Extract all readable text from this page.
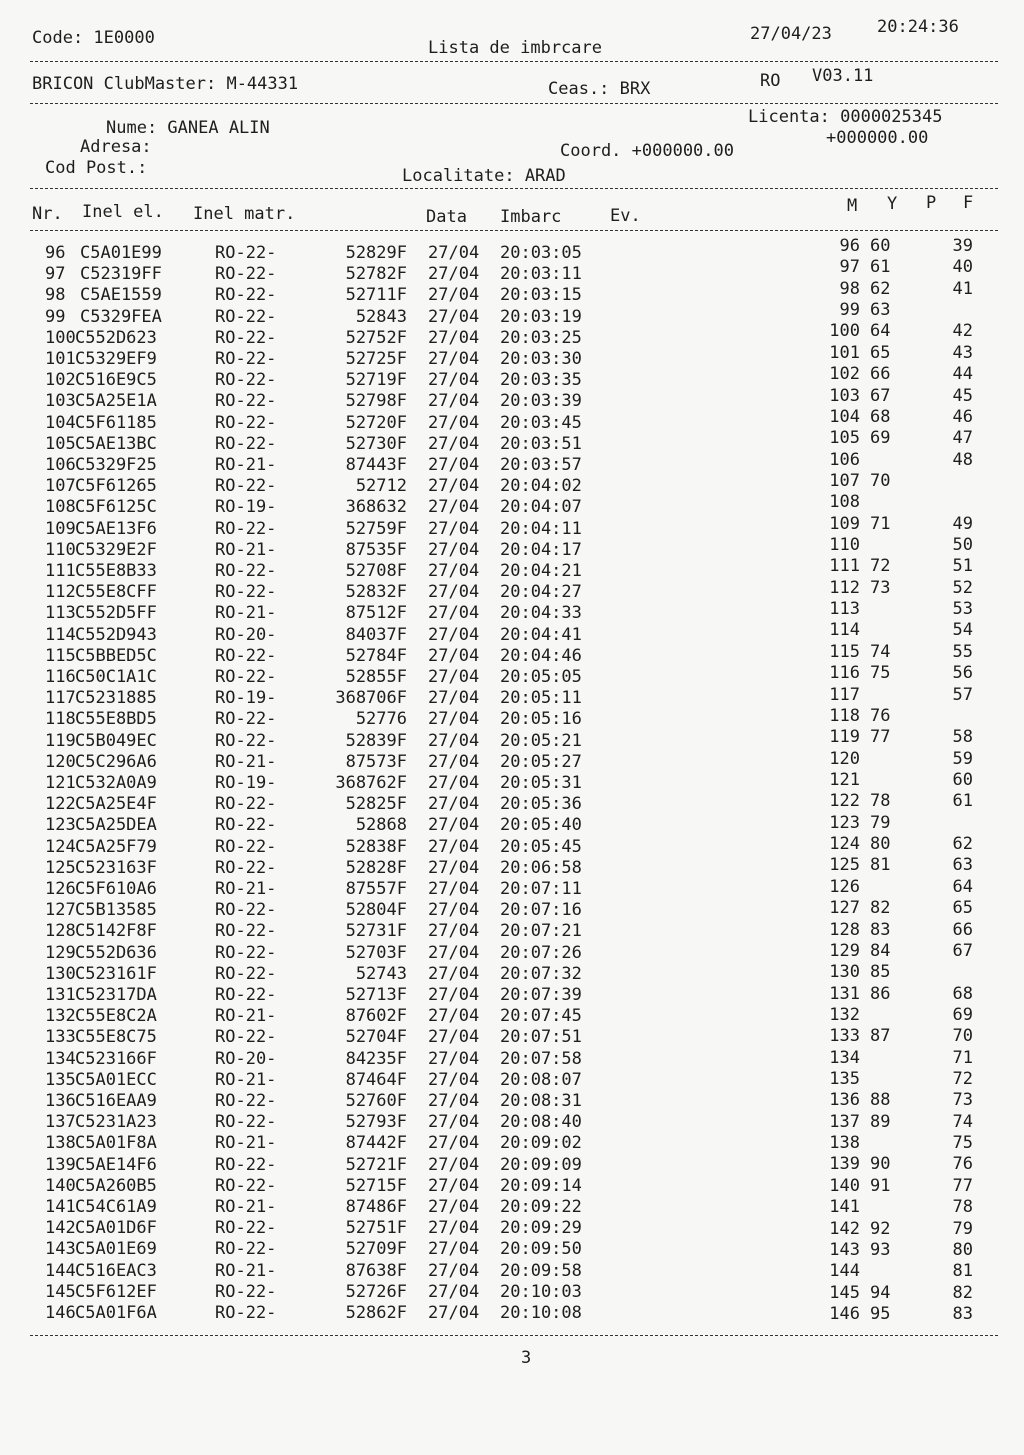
Code: 1E0000	Lista de imbrcare
27/04/23	20:24:36
BRICON ClubMaster: M-44331	Ceas.: BRX	RO V03.11
Nume: GANEA ALIN
Licenta: 0000025345
Adresa:	Coord. +000000.00
+000000.00
Cod Post.:	Localitate: ARAD
Nr. Inel el. Inel matr.	Data Imbarc	Ev.	M Y P F
96 C5A01E99	RO-22-	52829F 27/04 20:03:05	96 60	39
97 C52319FF	RO-22-	52782F 27/04 20:03:11	97 61	40
98 C5AE1559	RO-22-	52711F 27/04 20:03:15	98 62	41
99 C5329FEA	RO-22-	52843 27/04 20:03:19	99 63
100 C552D623	RO-22-	52752F 27/04 20:03:25	100 64	42
101 C5329EF9	RO-22-	52725F 27/04 20:03:30	101 65	43
102 C516E9C5	RO-22-	52719F 27/04 20:03:35	102 66	44
103 C5A25E1A	RO-22-	52798F 27/04 20:03:39	103 67	45
104 C5F61185	RO-22-	52720F 27/04 20:03:45	104 68	46
105 C5AE13BC	RO-22-	52730F 27/04 20:03:51	105 69	47
106 C5329F25	RO-21-	87443F 27/04 20:03:57	106	48
107 C5F61265	RO-22-	52712 27/04 20:04:02	107 70
108 C5F6125C	RO-19-	368632 27/04 20:04:07	108
109 C5AE13F6	RO-22-	52759F 27/04 20:04:11	109 71	49
110 C5329E2F	RO-21-	87535F 27/04 20:04:17	110	50
111 C55E8B33	RO-22-	52708F 27/04 20:04:21	111 72	51
112 C55E8CFF	RO-22-	52832F 27/04 20:04:27	112 73	52
113 C552D5FF	RO-21-	87512F 27/04 20:04:33	113	53
114 C552D943	RO-20-	84037F 27/04 20:04:41	114	54
115 C5BBED5C	RO-22-	52784F 27/04 20:04:46	115 74	55
116 C50C1A1C	RO-22-	52855F 27/04 20:05:05	116 75	56
117 C5231885	RO-19-	368706F 27/04 20:05:11	117	57
118 C55E8BD5	RO-22-	52776 27/04 20:05:16	118 76
119 C5B049EC	RO-22-	52839F 27/04 20:05:21	119 77	58
120 C5C296A6	RO-21-	87573F 27/04 20:05:27	120	59
121 C532A0A9	RO-19-	368762F 27/04 20:05:31	121	60
122 C5A25E4F	RO-22-	52825F 27/04 20:05:36	122 78	61
123 C5A25DEA	RO-22-	52868 27/04 20:05:40	123 79
124 C5A25F79	RO-22-	52838F 27/04 20:05:45	124 80	62
125 C523163F	RO-22-	52828F 27/04 20:06:58	125 81	63
126 C5F610A6	RO-21-	87557F 27/04 20:07:11	126	64
127 C5B13585	RO-22-	52804F 27/04 20:07:16	127 82	65
128 C5142F8F	RO-22-	52731F 27/04 20:07:21	128 83	66
129 C552D636	RO-22-	52703F 27/04 20:07:26	129 84	67
130 C523161F	RO-22-	52743 27/04 20:07:32	130 85
131 C52317DA	RO-22-	52713F 27/04 20:07:39	131 86	68
132 C55E8C2A	RO-21-	87602F 27/04 20:07:45	132	69
133 C55E8C75	RO-22-	52704F 27/04 20:07:51	133 87	70
134 C523166F	RO-20-	84235F 27/04 20:07:58	134	71
135 C5A01ECC	RO-21-	87464F 27/04 20:08:07	135	72
136 C516EAA9	RO-22-	52760F 27/04 20:08:31	136 88	73
137 C5231A23	RO-22-	52793F 27/04 20:08:40	137 89	74
138 C5A01F8A	RO-21-	87442F 27/04 20:09:02	138	75
139 C5AE14F6	RO-22-	52721F 27/04 20:09:09	139 90	76
140 C5A260B5	RO-22-	52715F 27/04 20:09:14	140 91	77
141 C54C61A9	RO-21-	87486F 27/04 20:09:22	141	78
142 C5A01D6F	RO-22-	52751F 27/04 20:09:29	142 92	79
143 C5A01E69	RO-22-	52709F 27/04 20:09:50	143 93	80
144 C516EAC3	RO-21-	87638F 27/04 20:09:58	144	81
145 C5F612EF	RO-22-	52726F 27/04 20:10:03	145 94	82
146 C5A01F6A	RO-22-	52862F 27/04 20:10:08	146 95	83
3
